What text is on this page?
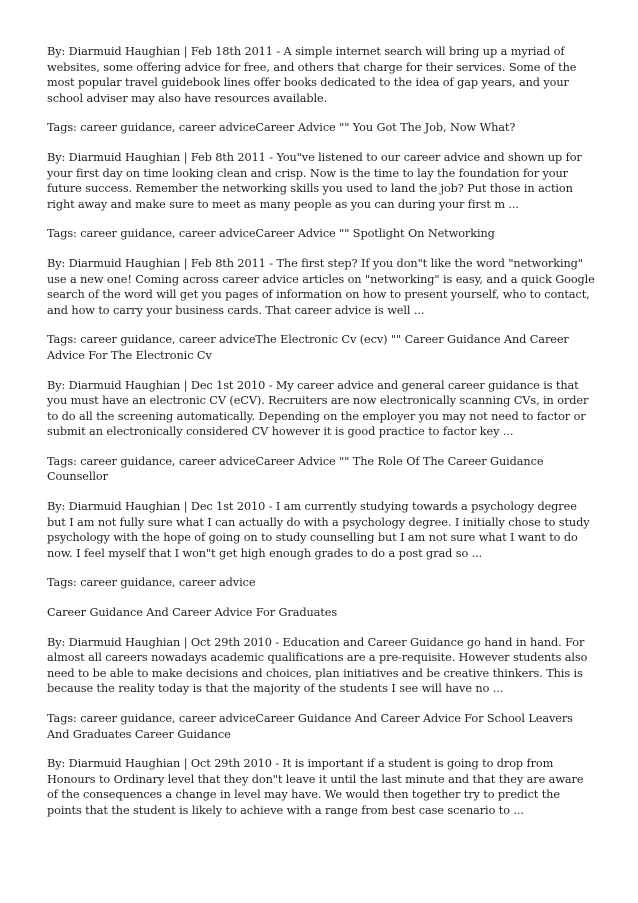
By: Diarmuid Haughian | Feb 18th 2011 - A simple internet search will bring up a myriad of websites, some offering advice for free, and others that charge for their services. Some of the most popular travel guidebook lines offer books dedicated to the idea of gap years, and your school adviser may also have resources available.

Tags: career guidance, career adviceCareer Advice "" You Got The Job, Now What?

By: Diarmuid Haughian | Feb 8th 2011 - You"ve listened to our career advice and shown up for your first day on time looking clean and crisp. Now is the time to lay the foundation for your future success. Remember the networking skills you used to land the job? Put those in action right away and make sure to meet as many people as you can during your first m ...

Tags: career guidance, career adviceCareer Advice "" Spotlight On Networking

By: Diarmuid Haughian | Feb 8th 2011 - The first step? If you don"t like the word "networking" use a new one! Coming across career advice articles on "networking" is easy, and a quick Google search of the word will get you pages of information on how to present yourself, who to contact, and how to carry your business cards. That career advice is well ...

Tags: career guidance, career adviceThe Electronic Cv (ecv) "" Career Guidance And Career Advice For The Electronic Cv

By: Diarmuid Haughian | Dec 1st 2010 - My career advice and general career guidance is that you must have an electronic CV (eCV). Recruiters are now electronically scanning CVs, in order to do all the screening automatically. Depending on the employer you may not need to factor or submit an electronically considered CV however it is good practice to factor key ...

Tags: career guidance, career adviceCareer Advice "" The Role Of The Career Guidance Counsellor

By: Diarmuid Haughian | Dec 1st 2010 - I am currently studying towards a psychology degree but I am not fully sure what I can actually do with a psychology degree. I initially chose to study psychology with the hope of going on to study counselling but I am not sure what I want to do now. I feel myself that I won"t get high enough grades to do a post grad so ...

Tags: career guidance, career advice

Career Guidance And Career Advice For Graduates

By: Diarmuid Haughian | Oct 29th 2010 - Education and Career Guidance go hand in hand. For almost all careers nowadays academic qualifications are a pre-requisite. However students also need to be able to make decisions and choices, plan initiatives and be creative thinkers. This is because the reality today is that the majority of the students I see will have no ...

Tags: career guidance, career adviceCareer Guidance And Career Advice For School Leavers And Graduates Career Guidance

By: Diarmuid Haughian | Oct 29th 2010 - It is important if a student is going to drop from Honours to Ordinary level that they don"t leave it until the last minute and that they are aware of the consequences a change in level may have. We would then together try to predict the points that the student is likely to achieve with a range from best case scenario to ...
